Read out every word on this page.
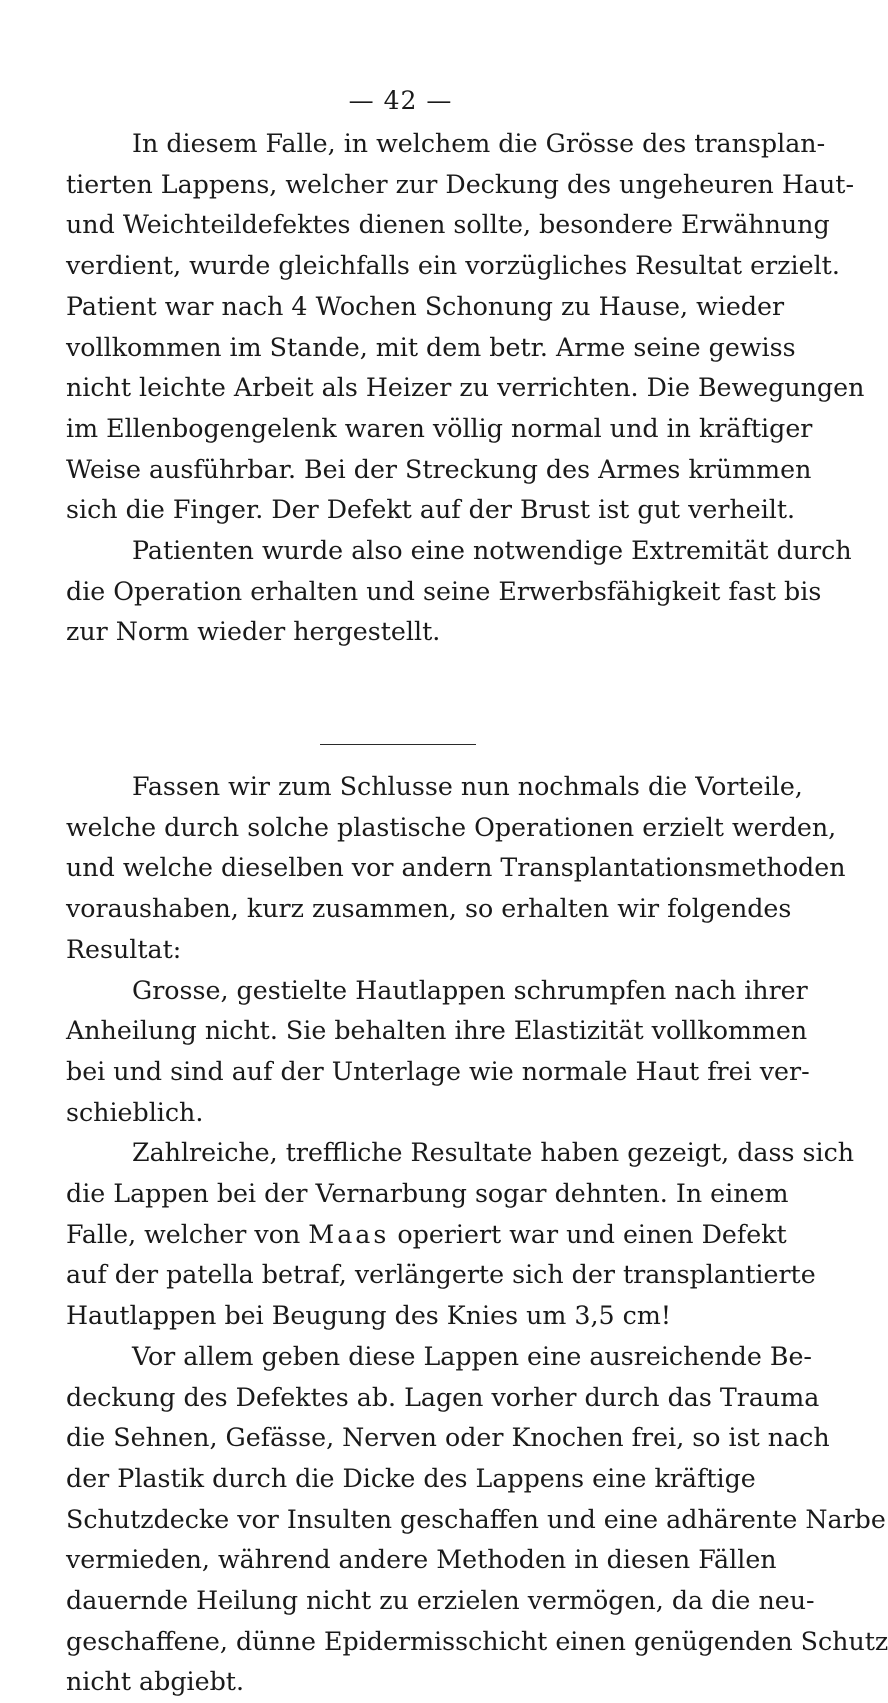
— 42 —
In diesem Falle, in welchem die Grösse des transplan-
tierten Lappens, welcher zur Deckung des ungeheuren Haut-
und Weichteildefektes dienen sollte, besondere Erwähnung
verdient, wurde gleichfalls ein vorzügliches Resultat erzielt.
Patient war nach 4 Wochen Schonung zu Hause, wieder
vollkommen im Stande, mit dem betr. Arme seine gewiss
nicht leichte Arbeit als Heizer zu verrichten. Die Bewegungen
im Ellenbogengelenk waren völlig normal und in kräftiger
Weise ausführbar. Bei der Streckung des Armes krümmen
sich die Finger. Der Defekt auf der Brust ist gut verheilt.
Patienten wurde also eine notwendige Extremität durch
die Operation erhalten und seine Erwerbsfähigkeit fast bis
zur Norm wieder hergestellt.
Fassen wir zum Schlusse nun nochmals die Vorteile,
welche durch solche plastische Operationen erzielt werden,
und welche dieselben vor andern Transplantationsmethoden
voraushaben, kurz zusammen, so erhalten wir folgendes
Resultat:
Grosse, gestielte Hautlappen schrumpfen nach ihrer
Anheilung nicht. Sie behalten ihre Elastizität vollkommen
bei und sind auf der Unterlage wie normale Haut frei ver-
schieblich.
Zahlreiche, treffliche Resultate haben gezeigt, dass sich
die Lappen bei der Vernarbung sogar dehnten. In einem
Falle, welcher von Maas operiert war und einen Defekt
auf der patella betraf, verlängerte sich der transplantierte
Hautlappen bei Beugung des Knies um 3,5 cm!
Vor allem geben diese Lappen eine ausreichende Be-
deckung des Defektes ab. Lagen vorher durch das Trauma
die Sehnen, Gefässe, Nerven oder Knochen frei, so ist nach
der Plastik durch die Dicke des Lappens eine kräftige
Schutzdecke vor Insulten geschaffen und eine adhärente Narbe
vermieden, während andere Methoden in diesen Fällen
dauernde Heilung nicht zu erzielen vermögen, da die neu-
geschaffene, dünne Epidermisschicht einen genügenden Schutz
nicht abgiebt.
